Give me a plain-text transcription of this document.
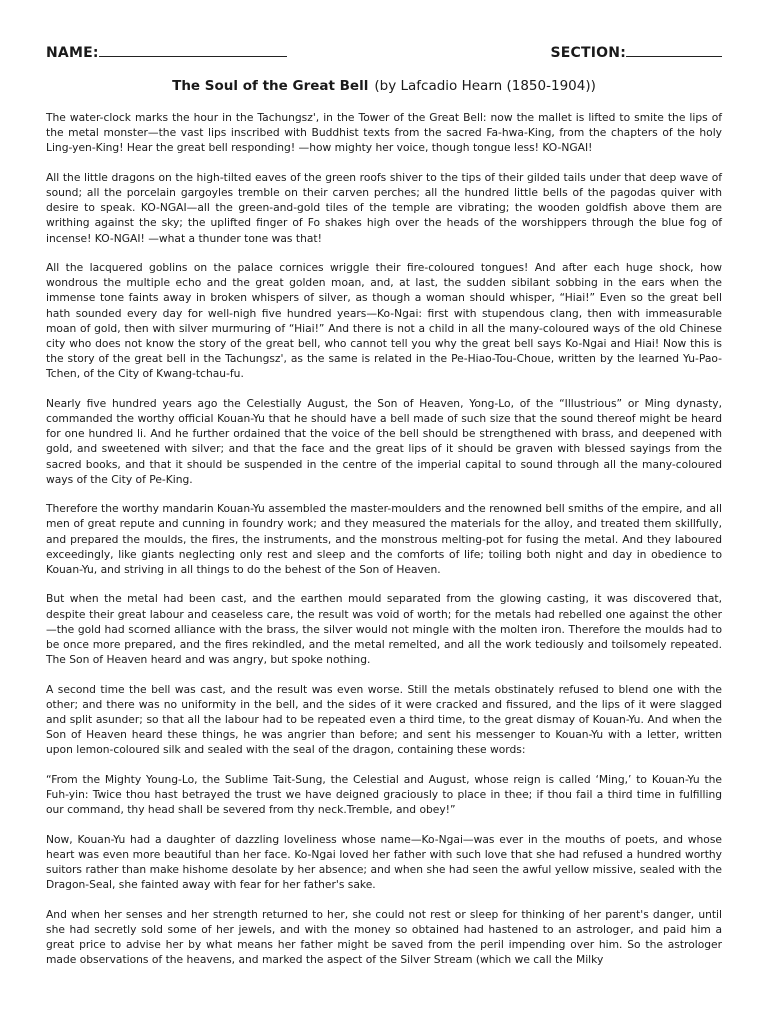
NAME:	SECTION:
The Soul of the Great Bell (by Lafcadio Hearn (1850-1904))

The water-clock marks the hour in the Tachungsz', in the Tower of the Great Bell: now the mallet is lifted to smite the lips of the metal monster—the vast lips inscribed with Buddhist texts from the sacred Fa-hwa-King, from the chapters of the holy Ling-yen-King! Hear the great bell responding! —how mighty her voice, though tongue less! KO-NGAI!

All the little dragons on the high-tilted eaves of the green roofs shiver to the tips of their gilded tails under that deep wave of sound; all the porcelain gargoyles tremble on their carven perches; all the hundred little bells of the pagodas quiver with desire to speak. KO-NGAI—all the green-and-gold tiles of the temple are vibrating; the wooden goldfish above them are writhing against the sky; the uplifted finger of Fo shakes high over the heads of the worshippers through the blue fog of incense! KO-NGAI! —what a thunder tone was that!

All the lacquered goblins on the palace cornices wriggle their fire-coloured tongues! And after each huge shock, how wondrous the multiple echo and the great golden moan, and, at last, the sudden sibilant sobbing in the ears when the immense tone faints away in broken whispers of silver, as though a woman should whisper, “Hiai!” Even so the great bell hath sounded every day for well-nigh five hundred years—Ko-Ngai: first with stupendous clang, then with immeasurable moan of gold, then with silver murmuring of “Hiai!” And there is not a child in all the many-coloured ways of the old Chinese city who does not know the story of the great bell, who cannot tell you why the great bell says Ko-Ngai and Hiai! Now this is the story of the great bell in the Tachungsz', as the same is related in the Pe-Hiao-Tou-Choue, written by the learned Yu-Pao-Tchen, of the City of Kwang-tchau-fu.

Nearly five hundred years ago the Celestially August, the Son of Heaven, Yong-Lo, of the “Illustrious” or Ming dynasty, commanded the worthy official Kouan-Yu that he should have a bell made of such size that the sound thereof might be heard for one hundred li. And he further ordained that the voice of the bell should be strengthened with brass, and deepened with gold, and sweetened with silver; and that the face and the great lips of it should be graven with blessed sayings from the sacred books, and that it should be suspended in the centre of the imperial capital to sound through all the many-coloured ways of the City of Pe-King.

Therefore the worthy mandarin Kouan-Yu assembled the master-moulders and the renowned bell smiths of the empire, and all men of great repute and cunning in foundry work; and they measured the materials for the alloy, and treated them skillfully, and prepared the moulds, the fires, the instruments, and the monstrous melting-pot for fusing the metal. And they laboured exceedingly, like giants neglecting only rest and sleep and the comforts of life; toiling both night and day in obedience to Kouan-Yu, and striving in all things to do the behest of the Son of Heaven.

But when the metal had been cast, and the earthen mould separated from the glowing casting, it was discovered that, despite their great labour and ceaseless care, the result was void of worth; for the metals had rebelled one against the other—the gold had scorned alliance with the brass, the silver would not mingle with the molten iron. Therefore the moulds had to be once more prepared, and the fires rekindled, and the metal remelted, and all the work tediously and toilsomely repeated. The Son of Heaven heard and was angry, but spoke nothing.

A second time the bell was cast, and the result was even worse. Still the metals obstinately refused to blend one with the other; and there was no uniformity in the bell, and the sides of it were cracked and fissured, and the lips of it were slagged and split asunder; so that all the labour had to be repeated even a third time, to the great dismay of Kouan-Yu. And when the Son of Heaven heard these things, he was angrier than before; and sent his messenger to Kouan-Yu with a letter, written upon lemon-coloured silk and sealed with the seal of the dragon, containing these words:

“From the Mighty Young-Lo, the Sublime Tait-Sung, the Celestial and August, whose reign is called ‘Ming,’ to Kouan-Yu the Fuh-yin: Twice thou hast betrayed the trust we have deigned graciously to place in thee; if thou fail a third time in fulfilling our command, thy head shall be severed from thy neck.Tremble, and obey!”

Now, Kouan-Yu had a daughter of dazzling loveliness whose name—Ko-Ngai—was ever in the mouths of poets, and whose heart was even more beautiful than her face. Ko-Ngai loved her father with such love that she had refused a hundred worthy suitors rather than make hishome desolate by her absence; and when she had seen the awful yellow missive, sealed with the Dragon-Seal, she fainted away with fear for her father's sake.

And when her senses and her strength returned to her, she could not rest or sleep for thinking of her parent's danger, until she had secretly sold some of her jewels, and with the money so obtained had hastened to an astrologer, and paid him a great price to advise her by what means her father might be saved from the peril impending over him. So the astrologer made observations of the heavens, and marked the aspect of the Silver Stream (which we call the Milky
